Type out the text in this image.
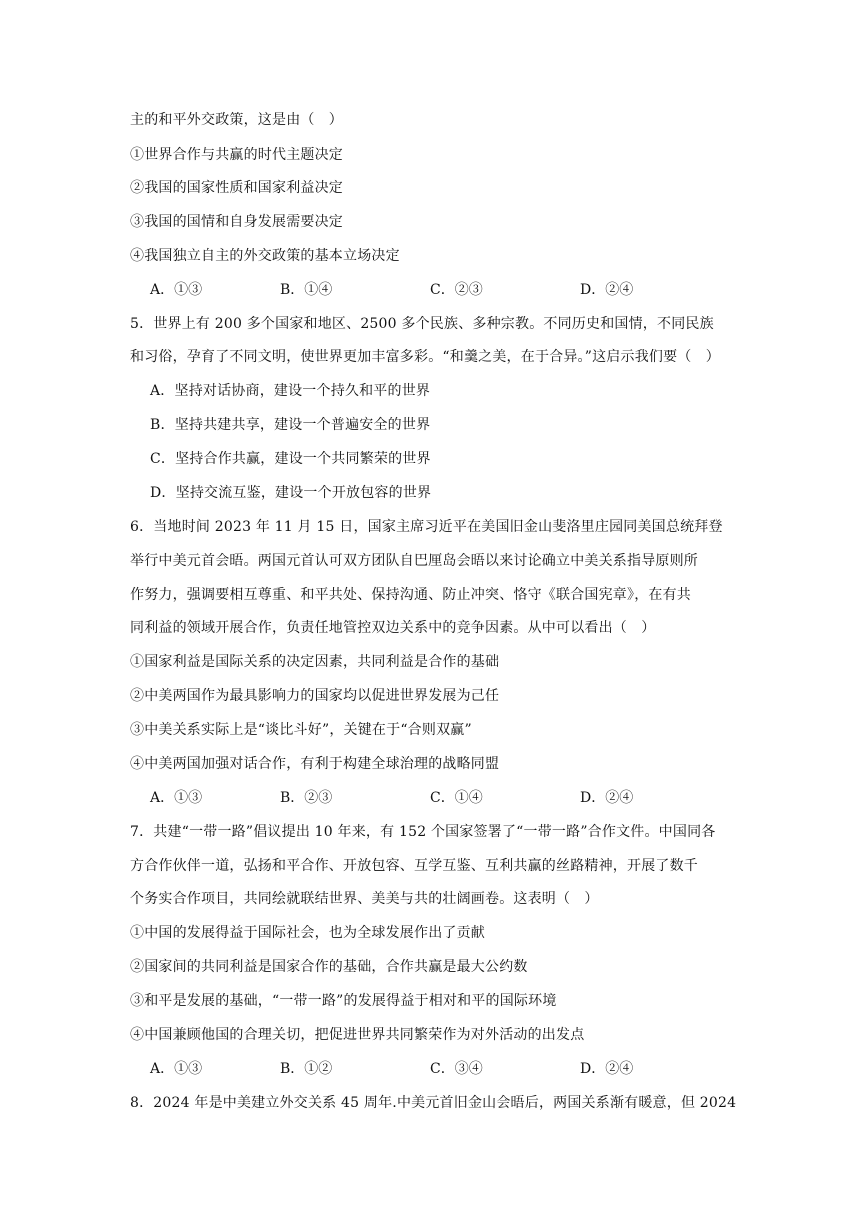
主的和平外交政策，这是由（　）

①世界合作与共赢的时代主题决定

②我国的国家性质和国家利益决定

③我国的国情和自身发展需要决定

④我国独立自主的外交政策的基本立场决定

A．①③	B．①④	C．②③	D．②④

5．世界上有 200 多个国家和地区、2500 多个民族、多种宗教。不同历史和国情，不同民族

和习俗，孕育了不同文明，使世界更加丰富多彩。“和羹之美，在于合异。”这启示我们要（　）

A．坚持对话协商，建设一个持久和平的世界

B．坚持共建共享，建设一个普遍安全的世界

C．坚持合作共赢，建设一个共同繁荣的世界

D．坚持交流互鉴，建设一个开放包容的世界

6．当地时间 2023 年 11 月 15 日，国家主席习近平在美国旧金山斐洛里庄园同美国总统拜登

举行中美元首会晤。两国元首认可双方团队自巴厘岛会晤以来讨论确立中美关系指导原则所

作努力，强调要相互尊重、和平共处、保持沟通、防止冲突、恪守《联合国宪章》，在有共

同利益的领域开展合作，负责任地管控双边关系中的竞争因素。从中可以看出（　）

①国家利益是国际关系的决定因素，共同利益是合作的基础

②中美两国作为最具影响力的国家均以促进世界发展为己任

③中美关系实际上是“谈比斗好”，关键在于“合则双赢”

④中美两国加强对话合作，有利于构建全球治理的战略同盟

A．①③	B．②③	C．①④	D．②④

7．共建“一带一路”倡议提出 10 年来，有 152 个国家签署了“一带一路”合作文件。中国同各

方合作伙伴一道，弘扬和平合作、开放包容、互学互鉴、互利共赢的丝路精神，开展了数千

个务实合作项目，共同绘就联结世界、美美与共的壮阔画卷。这表明（　）

①中国的发展得益于国际社会，也为全球发展作出了贡献

②国家间的共同利益是国家合作的基础，合作共赢是最大公约数

③和平是发展的基础，“一带一路”的发展得益于相对和平的国际环境

④中国兼顾他国的合理关切，把促进世界共同繁荣作为对外活动的出发点

A．①③	B．①②	C．③④	D．②④

8．2024 年是中美建立外交关系 45 周年.中美元首旧金山会晤后，两国关系渐有暖意，但 2024
